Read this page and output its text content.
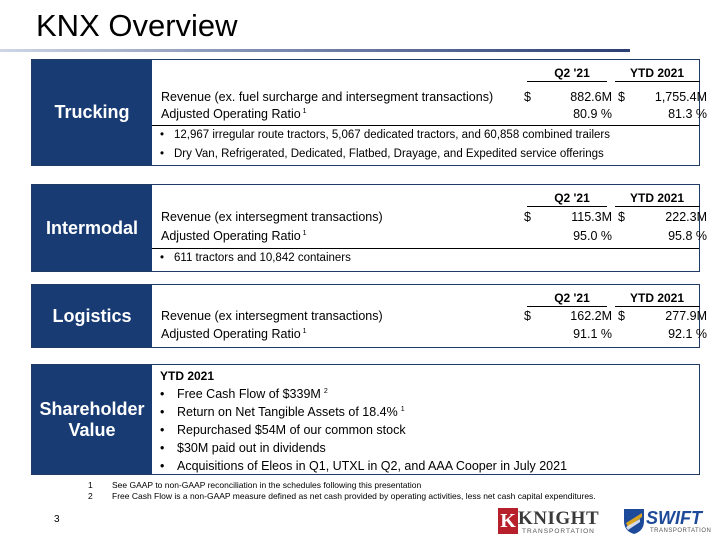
KNX Overview
Trucking
Q2 '21	YTD 2021
Revenue (ex. fuel surcharge and intersegment transactions) $	882.6M $	1,755.4M
Adjusted Operating Ratio $^1$	80.9 %	81.3 %
• 12,967 irregular route tractors, 5,067 dedicated tractors, and 60,858 combined trailers
• Dry Van, Refrigerated, Dedicated, Flatbed, Drayage, and Expedited service offerings
Intermodal
Q2 '21	YTD 2021
Revenue (ex intersegment transactions)	$	115.3M $	222.3M
Adjusted Operating Ratio $^1$	95.0 %	95.8 %
• 611 tractors and 10,842 containers
Logistics
Q2 '21	YTD 2021
Revenue (ex intersegment transactions)	$	162.2M $	277.9M
Adjusted Operating Ratio $^1$	91.1 %	92.1 %
Shareholder
Value
YTD 2021
• Free Cash Flow of $339M $^2$
• Return on Net Tangible Assets of 18.4% $^1$
• Repurchased $54M of our common stock
• $30M paid out in dividends
• Acquisitions of Eleos in Q1, UTXL in Q2, and AAA Cooper in July 2021
1 See GAAP to non-GAAP reconciliation in the schedules following this presentation
2 Free Cash Flow is a non-GAAP measure defined as net cash provided by operating activities, less net cash capital expenditures.
3	K KNIGHT
TRANSPORTATION
SWIFT
TRANSPORTATION
